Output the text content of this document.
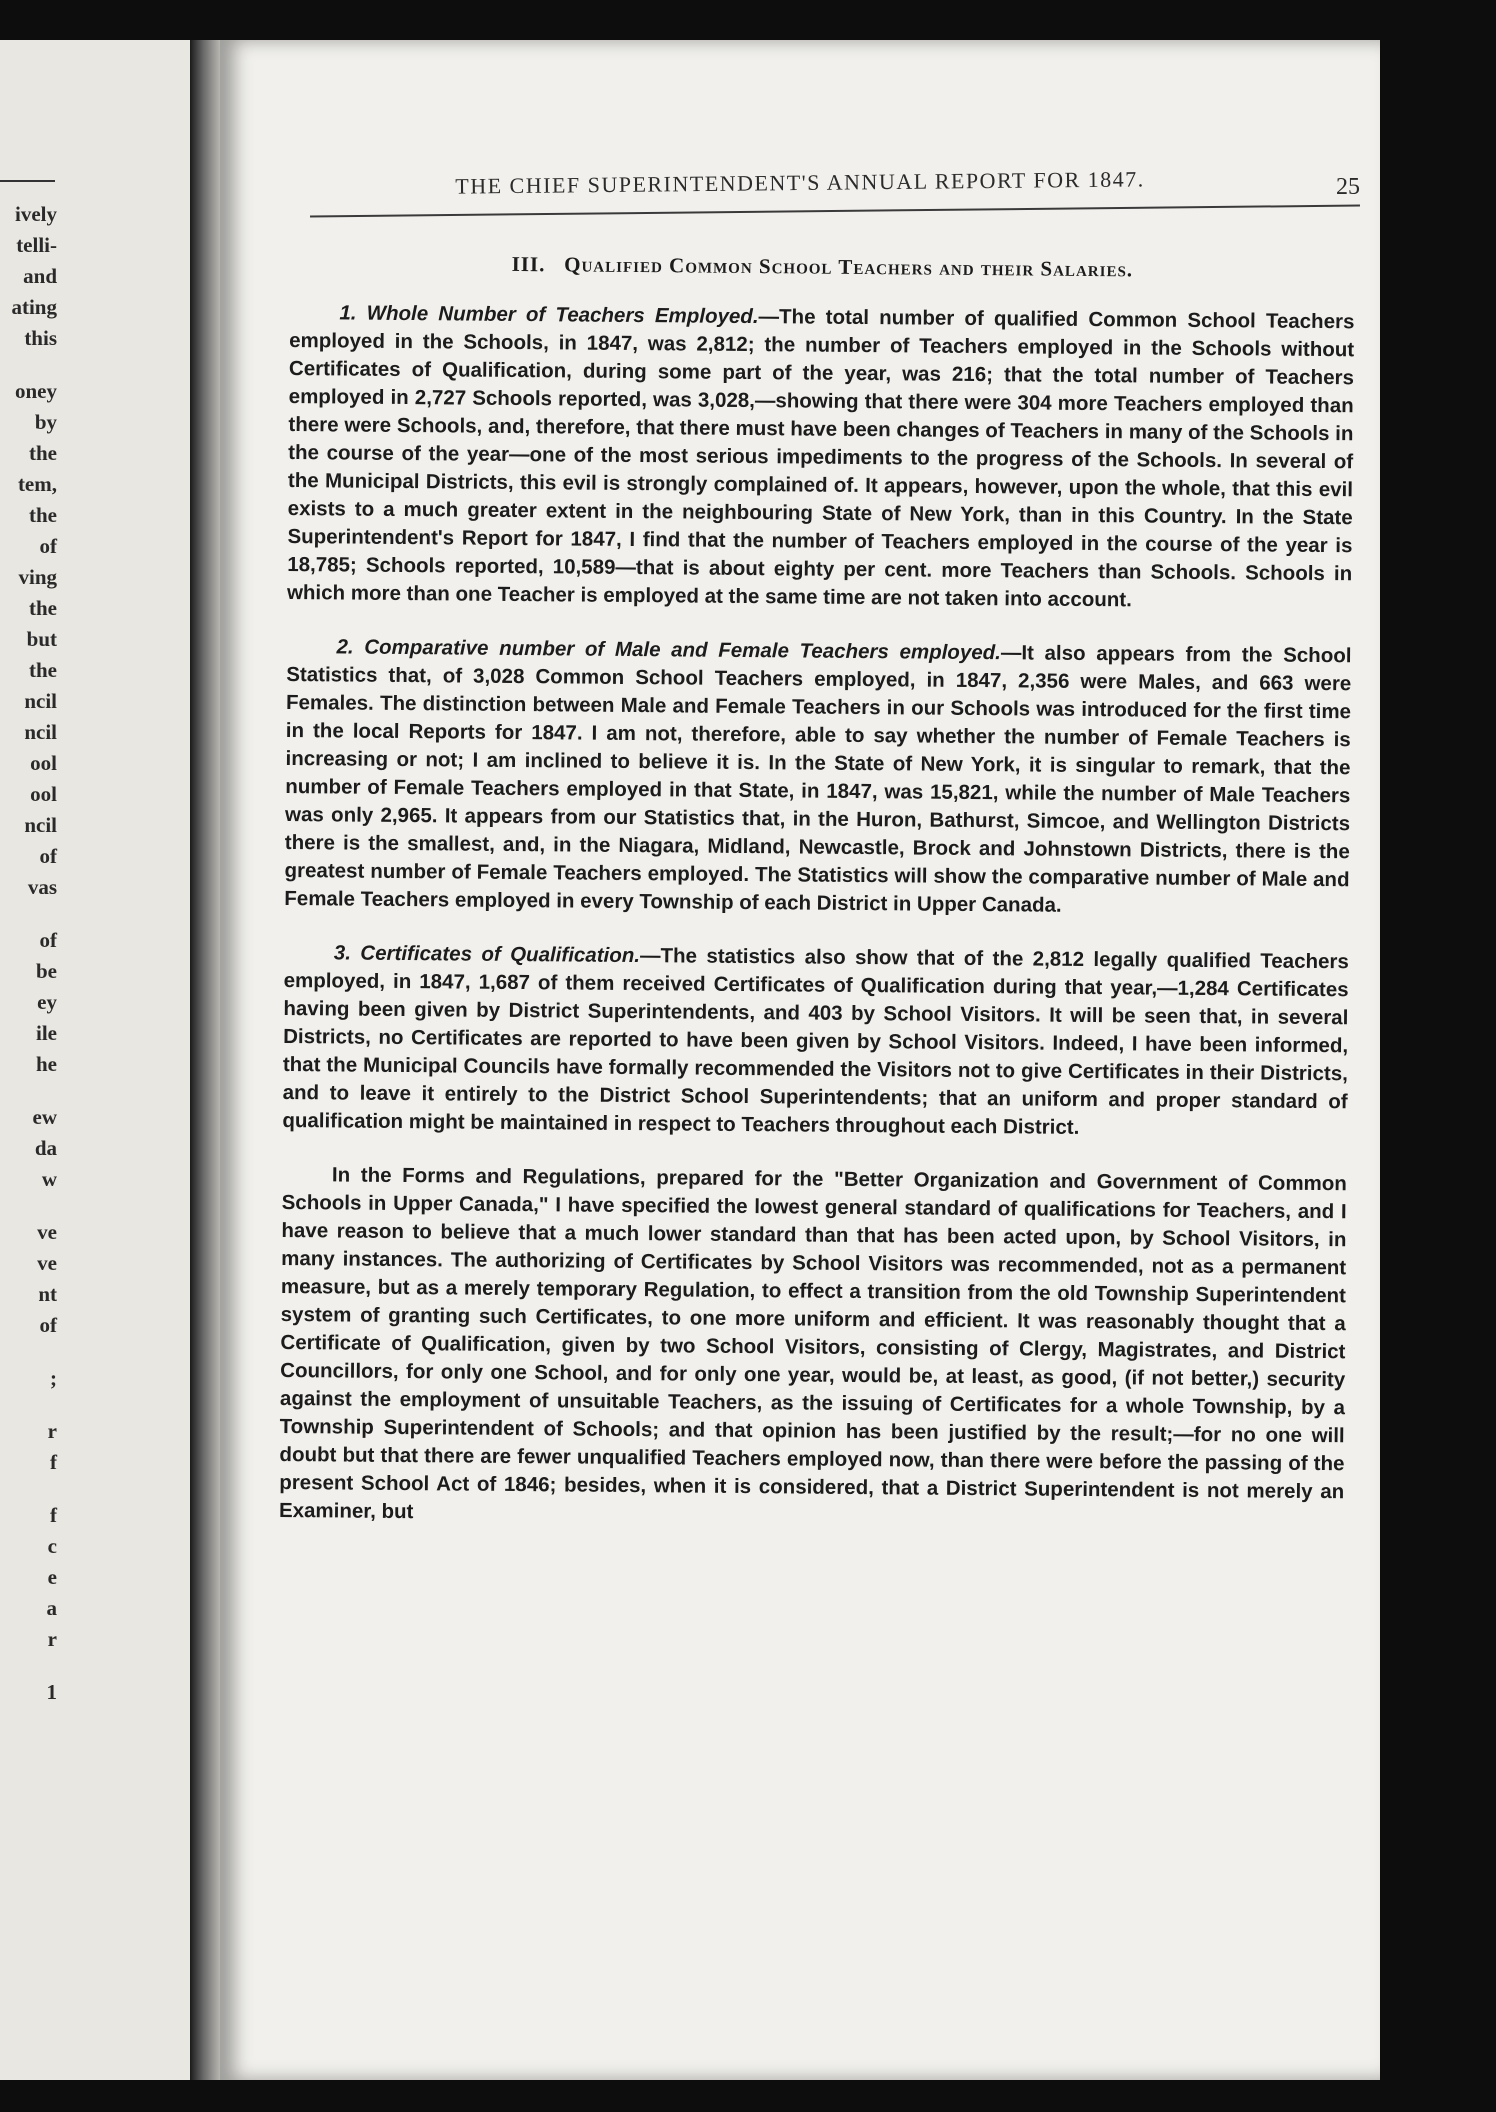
ively

telli-

and

ating

this

oney

by

the

tem,

the

of

ving

the

but

the

ncil

ncil

ool

ool

ncil

of

vas

of

be

ey

ile

he

ew

da

w

ve

ve

nt

of

;

r

f

f

c

e

a

r

1

THE CHIEF SUPERINTENDENT'S ANNUAL REPORT FOR 1847.	25

III. Qualified Common School Teachers and their Salaries.

1. Whole Number of Teachers Employed.—The total number of qualified Common School Teachers employed in the Schools, in 1847, was 2,812; the number of Teachers employed in the Schools without Certificates of Qualification, during some part of the year, was 216; that the total number of Teachers employed in 2,727 Schools reported, was 3,028,—showing that there were 304 more Teachers employed than there were Schools, and, therefore, that there must have been changes of Teachers in many of the Schools in the course of the year—one of the most serious impediments to the progress of the Schools. In several of the Municipal Districts, this evil is strongly complained of. It appears, however, upon the whole, that this evil exists to a much greater extent in the neighbouring State of New York, than in this Country. In the State Superintendent's Report for 1847, I find that the number of Teachers employed in the course of the year is 18,785; Schools reported, 10,589—that is about eighty per cent. more Teachers than Schools. Schools in which more than one Teacher is employed at the same time are not taken into account.

2. Comparative number of Male and Female Teachers employed.—It also appears from the School Statistics that, of 3,028 Common School Teachers employed, in 1847, 2,356 were Males, and 663 were Females. The distinction between Male and Female Teachers in our Schools was introduced for the first time in the local Reports for 1847. I am not, therefore, able to say whether the number of Female Teachers is increasing or not; I am inclined to believe it is. In the State of New York, it is singular to remark, that the number of Female Teachers employed in that State, in 1847, was 15,821, while the number of Male Teachers was only 2,965. It appears from our Statistics that, in the Huron, Bathurst, Simcoe, and Wellington Districts there is the smallest, and, in the Niagara, Midland, Newcastle, Brock and Johnstown Districts, there is the greatest number of Female Teachers employed. The Statistics will show the comparative number of Male and Female Teachers employed in every Township of each District in Upper Canada.

3. Certificates of Qualification.—The statistics also show that of the 2,812 legally qualified Teachers employed, in 1847, 1,687 of them received Certificates of Qualification during that year,—1,284 Certificates having been given by District Superintendents, and 403 by School Visitors. It will be seen that, in several Districts, no Certificates are reported to have been given by School Visitors. Indeed, I have been informed, that the Municipal Councils have formally recommended the Visitors not to give Certificates in their Districts, and to leave it entirely to the District School Superintendents; that an uniform and proper standard of qualification might be maintained in respect to Teachers throughout each District.

In the Forms and Regulations, prepared for the "Better Organization and Government of Common Schools in Upper Canada," I have specified the lowest general standard of qualifications for Teachers, and I have reason to believe that a much lower standard than that has been acted upon, by School Visitors, in many instances. The authorizing of Certificates by School Visitors was recommended, not as a permanent measure, but as a merely temporary Regulation, to effect a transition from the old Township Superintendent system of granting such Certificates, to one more uniform and efficient. It was reasonably thought that a Certificate of Qualification, given by two School Visitors, consisting of Clergy, Magistrates, and District Councillors, for only one School, and for only one year, would be, at least, as good, (if not better,) security against the employment of unsuitable Teachers, as the issuing of Certificates for a whole Township, by a Township Superintendent of Schools; and that opinion has been justified by the result;—for no one will doubt but that there are fewer unqualified Teachers employed now, than there were before the passing of the present School Act of 1846; besides, when it is considered, that a District Superintendent is not merely an Examiner, but
